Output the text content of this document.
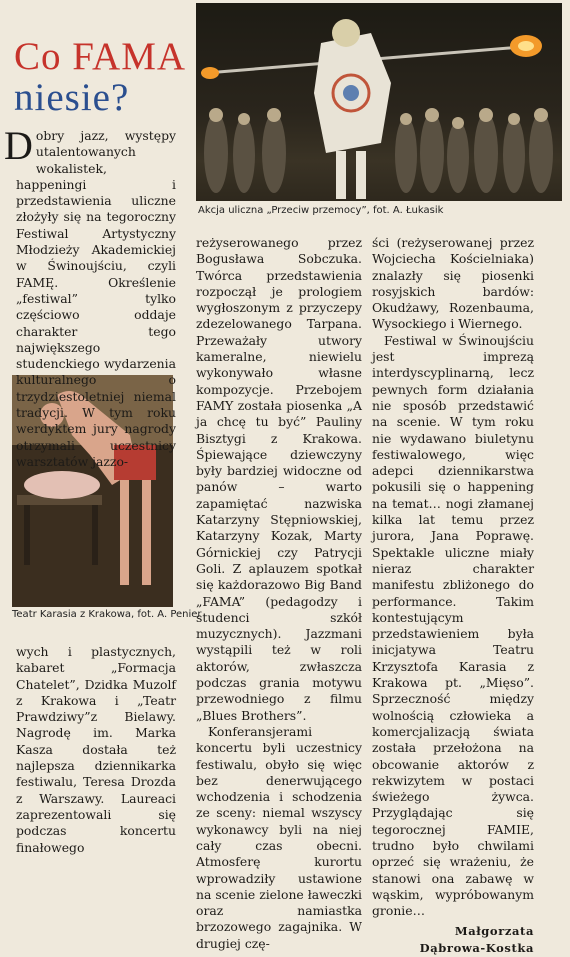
Co FAMA
niesie?
Akcja uliczna „Przeciw przemocy”, fot. A. Łukasik
Teatr Karasia z Krakowa, fot. A. Penier

Dobry jazz, występy utalentowanych wokalistek, happeningi i przedstawienia uliczne złożyły się na tegoroczny Festiwal Artystyczny Młodzieży Akademickiej w Świnoujściu, czyli FAMĘ. Określenie „festiwal” tylko częściowo oddaje charakter tego największego studenckiego wydarzenia kulturalnego o trzydziestoletniej niemal tradycji. W tym roku werdyktem jury nagrody otrzymali uczestnicy warsztatów jazzo-

wych i plastycznych, kabaret „Formacja Chatelet”, Dzidka Muzolf z Krakowa i „Teatr Prawdziwy”z Bielawy. Nagrodę im. Marka Kasza dostała też najlepsza dziennikarka festiwalu, Teresa Drozda z Warszawy. Laureaci zaprezentowali się podczas koncertu finałowego

reżyserowanego przez Bogusława Sobczuka. Twórca przedstawienia rozpoczął je prologiem wygłoszonym z przyczepy zdezelowanego Tarpana. Przeważały utwory kameralne, niewielu wykonywało własne kompozycje. Przebojem FAMY została piosenka „A ja chcę tu być” Pauliny Bisztygi z Krakowa. Śpiewające dziewczyny były bardziej widoczne od panów – warto zapamiętać nazwiska Katarzyny Stępniowskiej, Katarzyny Kozak, Marty Górnickiej czy Patrycji Goli. Z aplauzem spotkał się każdorazowo Big Band „FAMA” (pedagodzy i studenci szkół muzycznych). Jazzmani wystąpili też w roli aktorów, zwłaszcza podczas grania motywu przewodniego z filmu „Blues Brothers”.

Konferansjerami koncertu byli uczestnicy festiwalu, obyło się więc bez denerwującego wchodzenia i schodzenia ze sceny: niemal wszyscy wykonawcy byli na niej cały czas obecni. Atmosferę kurortu wprowadziły ustawione na scenie zielone ławeczki oraz namiastka brzozowego zagajnika. W drugiej czę-

ści (reżyserowanej przez Wojciecha Kościelniaka) znalazły się piosenki rosyjskich bardów: Okudżawy, Rozenbauma, Wysockiego i Wiernego.

Festiwal w Świnoujściu jest imprezą interdyscyplinarną, lecz pewnych form działania nie sposób przedstawić na scenie. W tym roku nie wydawano biuletynu festiwalowego, więc adepci dziennikarstwa pokusili się o happening na temat… nogi złamanej kilka lat temu przez jurora, Jana Poprawę. Spektakle uliczne miały nieraz charakter manifestu zbliżonego do performance. Takim kontestującym przedstawieniem była inicjatywa Teatru Krzysztofa Karasia z Krakowa pt. „Mięso”. Sprzeczność między wolnością człowieka a komercjalizacją świata została przełożona na obcowanie aktorów z rekwizytem w postaci świeżego żywca. Przyglądając się tegorocznej FAMIE, trudno było chwilami oprzeć się wrażeniu, że stanowi ona zabawę w wąskim, wypróbowanym gronie…

Małgorzata
Dąbrowa-Kostka
